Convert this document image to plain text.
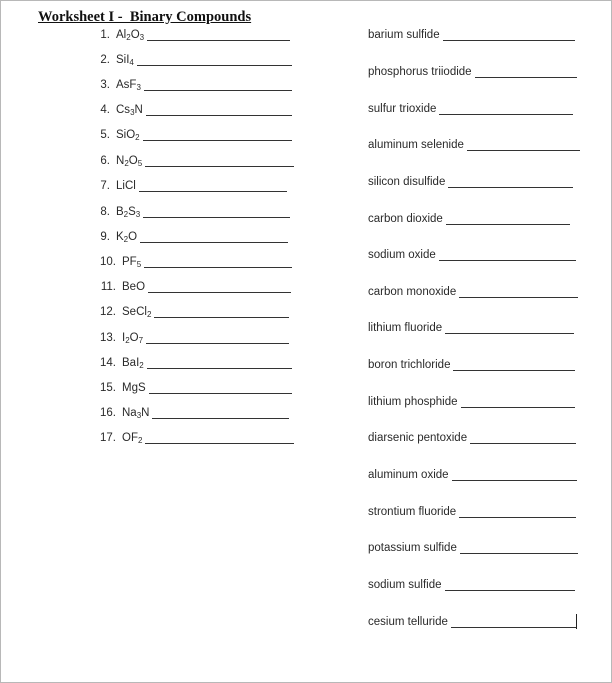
Worksheet I -  Binary Compounds
1. $Al_2O_3$
2. SiI$_4$
3. AsF$_3$
4. $Cs_3N$
5. SiO$_2$
6. $N_2O_5$
7. LiCl
8. $B_2S_3$
9. $K_2O$
10. $PF_5$
11. BeO
12. SeCl$_2$
13. $I_2O_7$
14. BaI$_2$
15. MgS
16. $Na_3N$
17. $OF_2$
barium sulfide
phosphorus triiodide
sulfur trioxide
aluminum selenide
silicon disulfide
carbon dioxide
sodium oxide
carbon monoxide
lithium fluoride
boron trichloride
lithium phosphide
diarsenic pentoxide
aluminum oxide
strontium fluoride
potassium sulfide
sodium sulfide
cesium telluride
